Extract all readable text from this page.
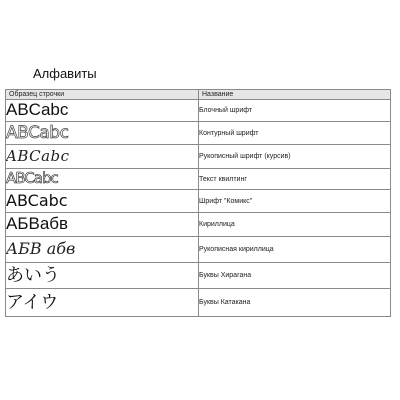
Алфавиты
Образец строчки	Название
ABCabc	Блочный шрифт
ABCabc	Контурный шрифт
ABCabc	Рукописный шрифт (курсив)
ABCabc	Текст квилтинг
ABCabc	Шрифт "Комикс"
АБВабв	Кириллица
АБВ абв	Рукописная кириллица
あいう	Буквы Хирагана
アイウ	Буквы Катакана
